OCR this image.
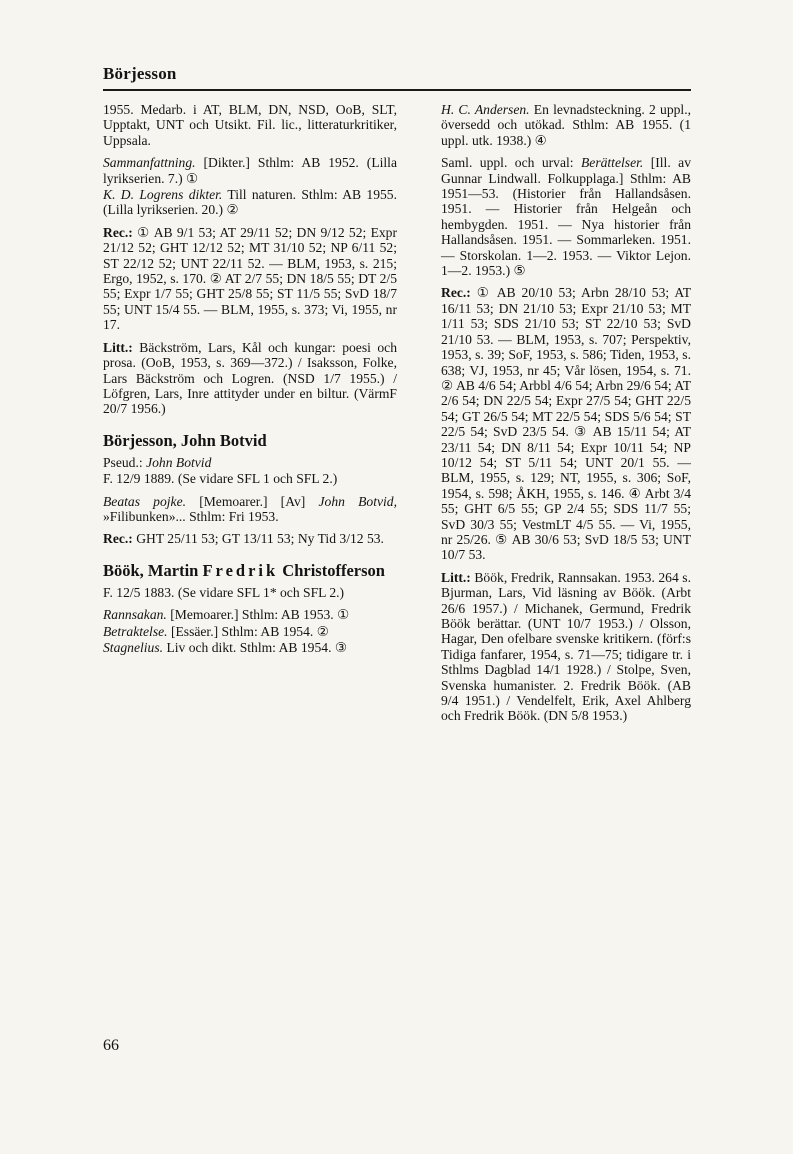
Börjesson

1955. Medarb. i AT, BLM, DN, NSD, OoB, SLT, Upptakt, UNT och Utsikt. Fil. lic., litteraturkritiker, Uppsala.

Sammanfattning. [Dikter.] Sthlm: AB 1952. (Lilla lyrikserien. 7.) ①

K. D. Logrens dikter. Till naturen. Sthlm: AB 1955. (Lilla lyrikserien. 20.) ②

Rec.: ① AB 9/1 53; AT 29/11 52; DN 9/12 52; Expr 21/12 52; GHT 12/12 52; MT 31/10 52; NP 6/11 52; ST 22/12 52; UNT 22/11 52. — BLM, 1953, s. 215; Ergo, 1952, s. 170. ② AT 2/7 55; DN 18/5 55; DT 2/5 55; Expr 1/7 55; GHT 25/8 55; ST 11/5 55; SvD 18/7 55; UNT 15/4 55. — BLM, 1955, s. 373; Vi, 1955, nr 17.

Litt.: Bäckström, Lars, Kål och kungar: poesi och prosa. (OoB, 1953, s. 369—372.) / Isaksson, Folke, Lars Bäckström och Logren. (NSD 1/7 1955.) / Löfgren, Lars, Inre attityder under en biltur. (VärmF 20/7 1956.)

Börjesson, John Botvid

Pseud.: John Botvid

F. 12/9 1889. (Se vidare SFL 1 och SFL 2.)

Beatas pojke. [Memoarer.] [Av] John Botvid, »Filibunken»... Sthlm: Fri 1953.

Rec.: GHT 25/11 53; GT 13/11 53; Ny Tid 3/12 53.

Böök, Martin Fredrik Christofferson

F. 12/5 1883. (Se vidare SFL 1* och SFL 2.)

Rannsakan. [Memoarer.] Sthlm: AB 1953. ①

Betraktelse. [Essäer.] Sthlm: AB 1954. ②

Stagnelius. Liv och dikt. Sthlm: AB 1954. ③

H. C. Andersen. En levnadsteckning. 2 uppl., översedd och utökad. Sthlm: AB 1955. (1 uppl. utk. 1938.) ④

Saml. uppl. och urval: Berättelser. [Ill. av Gunnar Lindwall. Folkupplaga.] Sthlm: AB 1951—53. (Historier från Hallandsåsen. 1951. — Historier från Helgeån och hembygden. 1951. — Nya historier från Hallandsåsen. 1951. — Sommarleken. 1951. — Storskolan. 1—2. 1953. — Viktor Lejon. 1—2. 1953.) ⑤

Rec.: ① AB 20/10 53; Arbn 28/10 53; AT 16/11 53; DN 21/10 53; Expr 21/10 53; MT 1/11 53; SDS 21/10 53; ST 22/10 53; SvD 21/10 53. — BLM, 1953, s. 707; Perspektiv, 1953, s. 39; SoF, 1953, s. 586; Tiden, 1953, s. 638; VJ, 1953, nr 45; Vår lösen, 1954, s. 71. ② AB 4/6 54; Arbbl 4/6 54; Arbn 29/6 54; AT 2/6 54; DN 22/5 54; Expr 27/5 54; GHT 22/5 54; GT 26/5 54; MT 22/5 54; SDS 5/6 54; ST 22/5 54; SvD 23/5 54. ③ AB 15/11 54; AT 23/11 54; DN 8/11 54; Expr 10/11 54; NP 10/12 54; ST 5/11 54; UNT 20/1 55. — BLM, 1955, s. 129; NT, 1955, s. 306; SoF, 1954, s. 598; ÅKH, 1955, s. 146. ④ Arbt 3/4 55; GHT 6/5 55; GP 2/4 55; SDS 11/7 55; SvD 30/3 55; VestmLT 4/5 55. — Vi, 1955, nr 25/26. ⑤ AB 30/6 53; SvD 18/5 53; UNT 10/7 53.

Litt.: Böök, Fredrik, Rannsakan. 1953. 264 s. Bjurman, Lars, Vid läsning av Böök. (Arbt 26/6 1957.) / Michanek, Germund, Fredrik Böök berättar. (UNT 10/7 1953.) / Olsson, Hagar, Den ofelbare svenske kritikern. (förf:s Tidiga fanfarer, 1954, s. 71—75; tidigare tr. i Sthlms Dagblad 14/1 1928.) / Stolpe, Sven, Svenska humanister. 2. Fredrik Böök. (AB 9/4 1951.) / Vendelfelt, Erik, Axel Ahlberg och Fredrik Böök. (DN 5/8 1953.)

66
